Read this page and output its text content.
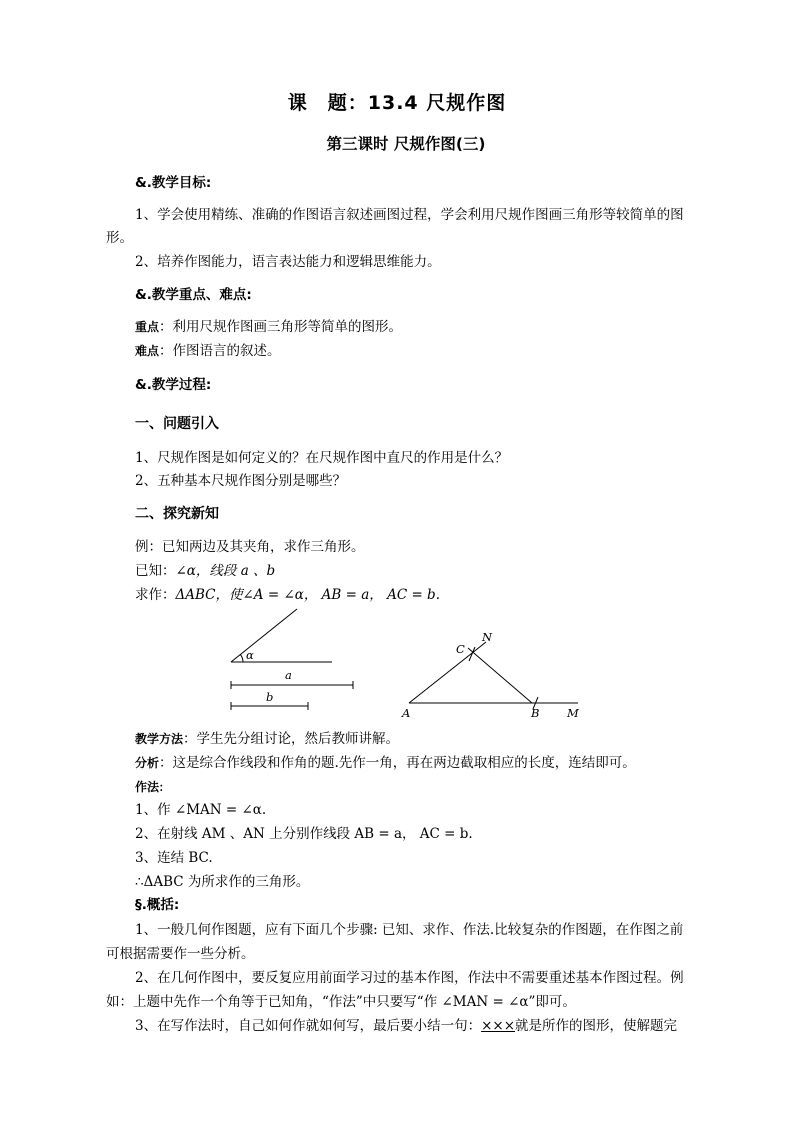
课　题：13.4 尺规作图
第三课时 尺规作图(三)
&.教学目标:
1、学会使用精练、准确的作图语言叙述画图过程，学会利用尺规作图画三角形等较简单的图
形。
2、培养作图能力，语言表达能力和逻辑思维能力。
&.教学重点、难点:
重点：利用尺规作图画三角形等简单的图形。
难点：作图语言的叙述。
&.教学过程:
一、问题引入
1、尺规作图是如何定义的？在尺规作图中直尺的作用是什么？
2、五种基本尺规作图分别是哪些？
二、探究新知
例：已知两边及其夹角，求作三角形。
已知：∠α，线段 a 、b
求作：ΔABC，使∠A = ∠α， AB = a， AC = b.
α
a
b
A	B M
C
N
教学方法：学生先分组讨论，然后教师讲解。
分析：这是综合作线段和作角的题.先作一角，再在两边截取相应的长度，连结即可。
作法:
1、作 ∠MAN = ∠α.
2、在射线 AM 、AN 上分别作线段 AB = a， AC = b.
3、连结 BC.
∴ΔABC 为所求作的三角形。
§.概括:
1、一般几何作图题，应有下面几个步骤: 已知、求作、作法.比较复杂的作图题，在作图之前
可根据需要作一些分析。
2、在几何作图中，要反复应用前面学习过的基本作图，作法中不需要重述基本作图过程。例
如：上题中先作一个角等于已知角，“作法”中只要写“作 ∠MAN = ∠α”即可。
3、在写作法时，自己如何作就如何写，最后要小结一句：×××就是所作的图形，使解题完
